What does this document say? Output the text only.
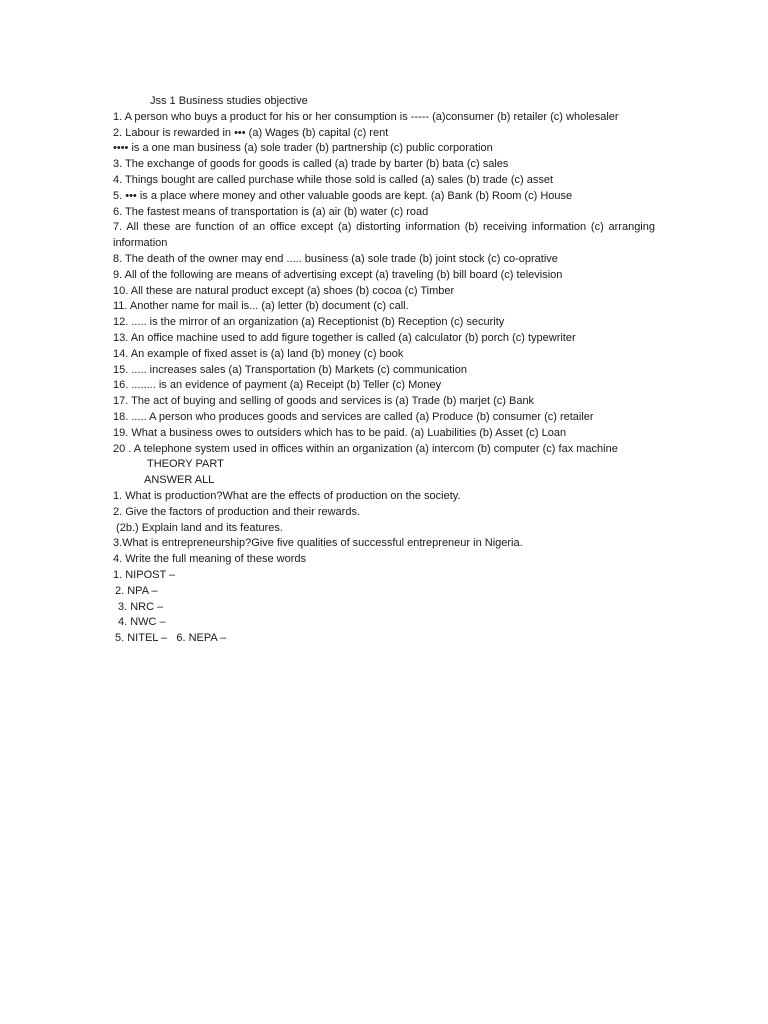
Jss 1 Business studies objective

1. A person who buys a product for his or her consumption is ----- (a)consumer (b) retailer (c) wholesaler

2. Labour is rewarded in ••• (a) Wages (b) capital (c) rent

•••• is a one man business (a) sole trader (b) partnership (c) public corporation

3. The exchange of goods for goods is called (a) trade by barter (b) bata (c) sales

4. Things bought are called purchase while those sold is called (a) sales (b) trade (c) asset

5. ••• is a place where money and other valuable goods are kept. (a) Bank (b) Room (c) House

6. The fastest means of transportation is (a) air (b) water (c) road

7. All these are function of an office except (a) distorting information (b) receiving information (c) arranging information

8. The death of the owner may end ..... business (a) sole trade (b) joint stock (c) co-oprative

9. All of the following are means of advertising except (a) traveling (b) bill board (c) television

10. All these are natural product except (a) shoes (b) cocoa (c) Timber

11. Another name for mail is... (a) letter (b) document (c) call.

12. ..... is the mirror of an organization (a) Receptionist (b) Reception (c) security

13. An office machine used to add figure together is called (a) calculator (b) porch (c) typewriter

14. An example of fixed asset is (a) land (b) money (c) book

15. ..... increases sales (a) Transportation (b) Markets (c) communication

16. ........ is an evidence of payment (a) Receipt (b) Teller (c) Money

17. The act of buying and selling of goods and services is (a) Trade (b) marjet (c) Bank

18. ..... A person who produces goods and services are called (a) Produce (b) consumer (c) retailer

19. What a business owes to outsiders which has to be paid. (a) Luabilities (b) Asset (c) Loan

20 . A telephone system used in offices within an organization (a) intercom (b) computer (c) fax machine

THEORY PART

ANSWER ALL

1. What is production?What are the effects of production on the society.

2. Give the factors of production and their rewards.

(2b.) Explain land and its features.

3.What is entrepreneurship?Give five qualities of successful entrepreneur in Nigeria.

4. Write the full meaning of these words

1. NIPOST –

2. NPA –

3. NRC –

4. NWC –

5. NITEL –   6. NEPA –
